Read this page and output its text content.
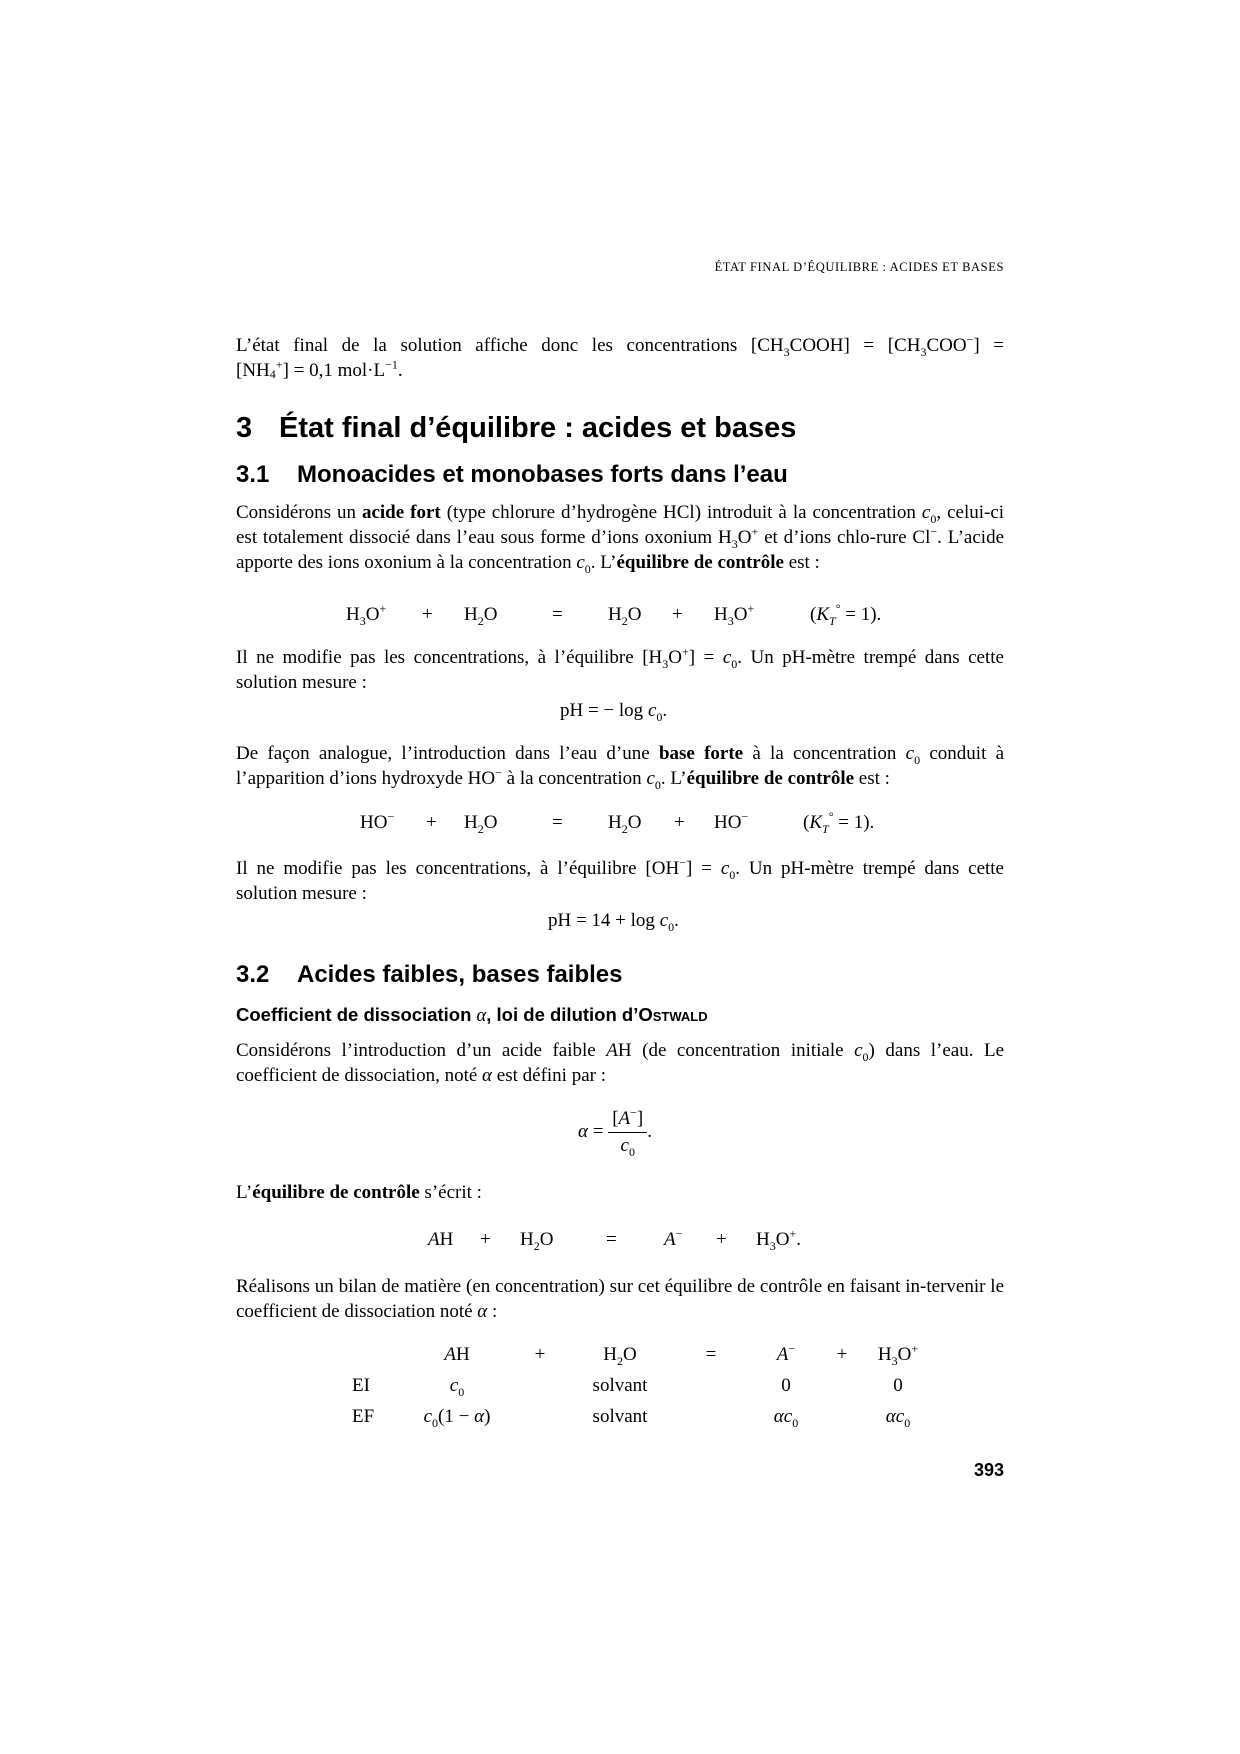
ÉTAT FINAL D’ÉQUILIBRE : ACIDES ET BASES

L’état final de la solution affiche donc les concentrations $[CH_3COOH] = [CH_3COO^-]$ =

$[NH_4^+] = 0,1$ $mol\cdot L^{-1}$.

3 État final d’équilibre : acides et bases
3.1 Monoacides et monobases forts dans l’eau

Considérons un acide fort (type chlorure d’hydrogène HCl) introduit à la concentration $c_0$, celui-ci est totalement dissocié dans l’eau sous forme d’ions oxonium $H_3O^+$ et d’ions chlo-rure Cl−. L’acide apporte des ions oxonium à la concentration $c_0$. L’équilibre de contrôle est :

$H_3O^+ + H_2O$	= $H_2O + H_3O^+$	$(K_T^\circ = 1)$.

Il ne modifie pas les concentrations, à l’équilibre $[H_3O^+] = c_0$. Un pH-mètre trempé dans cette solution mesure :

pH = − $\log c_0$.

De façon analogue, l’introduction dans l’eau d’une base forte à la concentration $c_0$ conduit à l’apparition d’ions hydroxyde HO− à la concentration $c_0$. L’équilibre de contrôle est :

$HO^- + H_2O$	= $H_2O + HO^-$	$(K_T^\circ = 1)$.

Il ne modifie pas les concentrations, à l’équilibre $[OH^-] = c_0$. Un pH-mètre trempé dans cette solution mesure :

pH = $14 + \log c_0$.
3.2 Acides faibles, bases faibles
Coefficient de dissociation α, loi de dilution d’Ostwald

Considérons l’introduction d’un acide faible AH (de concentration initiale $c_0$) dans l’eau. Le coefficient de dissociation, noté α est défini par :

$\alpha = \frac{[A^-]}{c_0}$ .

L’équilibre de contrôle s’écrit :

AH + $H_2O$	= $A^- + H_3O^+$.

Réalisons un bilan de matière (en concentration) sur cet équilibre de contrôle en faisant in-tervenir le coefficient de dissociation noté α :

	AH	+	$H_2O$	=	A−	+	$H_3O^+$
EI	$c_0$		solvant		0		0
EF	$c_0(1 - \alpha)$		solvant		$\alpha c_0$		$\alpha c_0$
393
